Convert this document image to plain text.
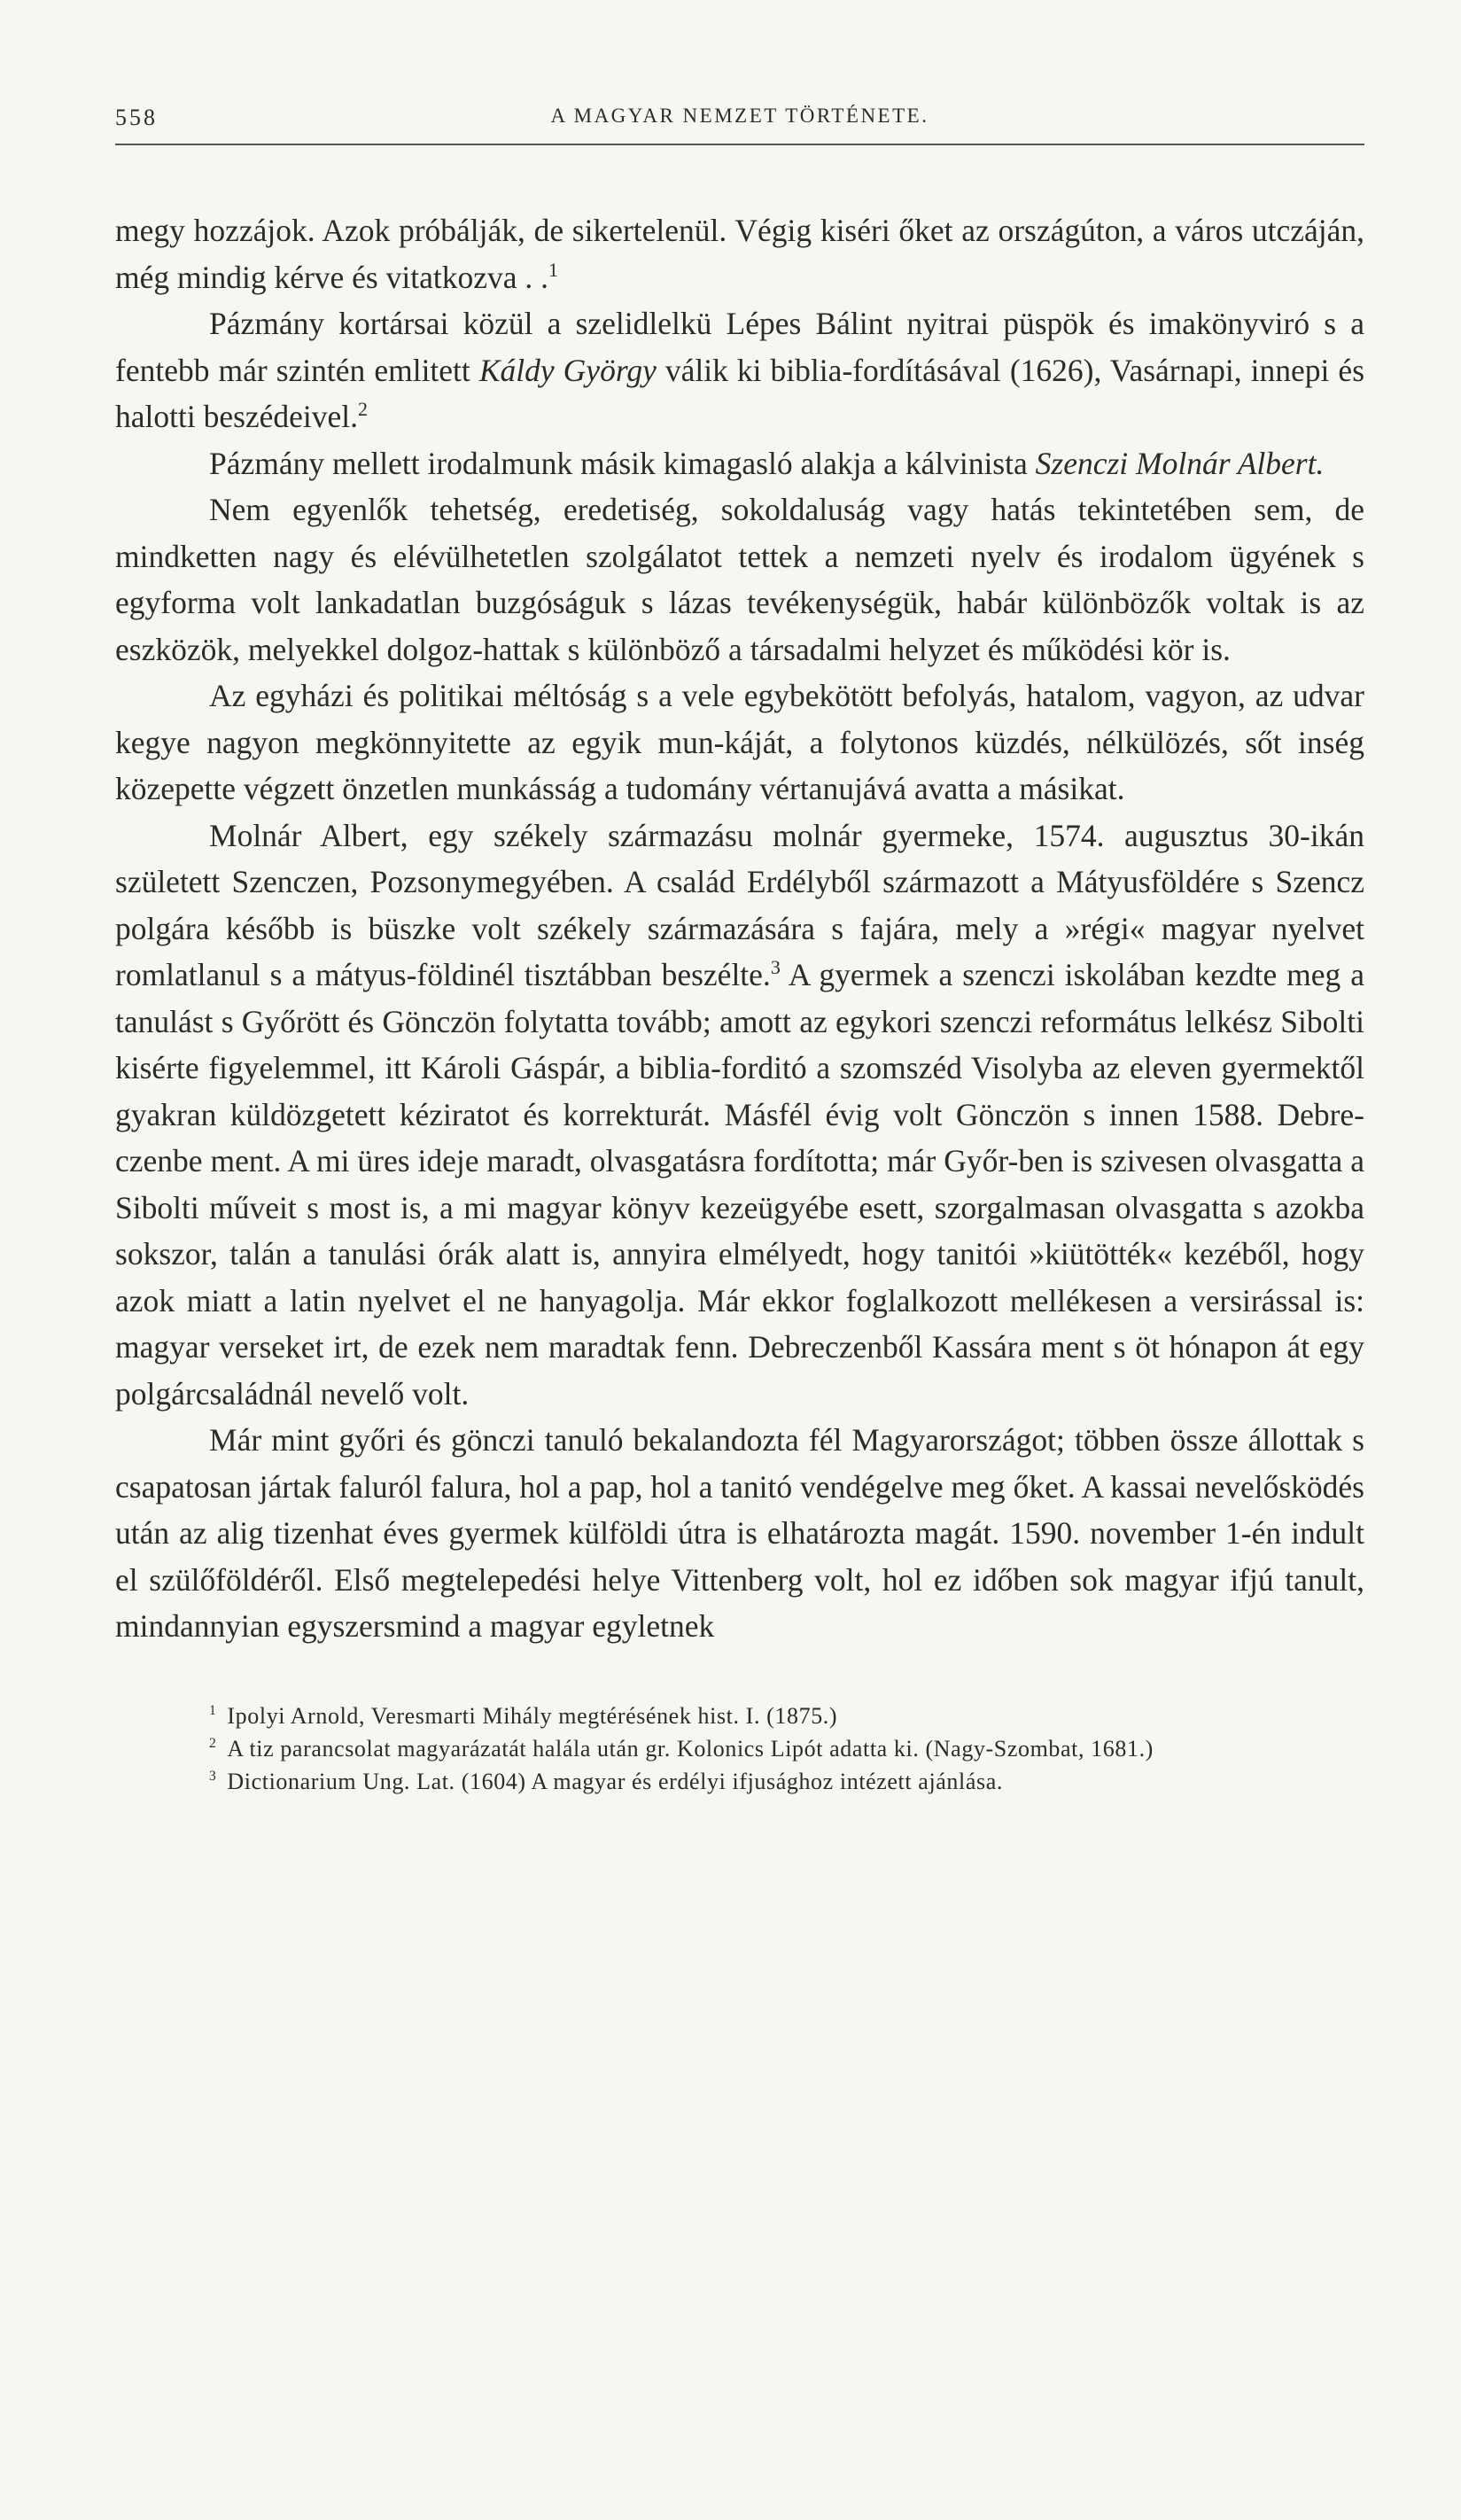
558	A MAGYAR NEMZET TÖRTÉNETE.

megy hozzájok. Azok próbálják, de sikertelenül. Végig kiséri őket az országúton, a város utczáján, még mindig kérve és vitatkozva . .$^1$

Pázmány kortársai közül a szelidlelkü Lépes Bálint nyitrai püspök és imakönyviró s a fentebb már szintén emlitett Káldy György válik ki biblia-fordításával (1626), Vasárnapi, innepi és halotti beszédeivel.$^2$

Pázmány mellett irodalmunk másik kimagasló alakja a kálvinista Szenczi Molnár Albert.

Nem egyenlők tehetség, eredetiség, sokoldaluság vagy hatás tekintetében sem, de mindketten nagy és elévülhetetlen szolgálatot tettek a nemzeti nyelv és irodalom ügyének s egyforma volt lankadatlan buzgóságuk s lázas tevékenységük, habár különbözők voltak is az eszközök, melyekkel dolgoz-hattak s különböző a társadalmi helyzet és működési kör is.

Az egyházi és politikai méltóság s a vele egybekötött befolyás, hatalom, vagyon, az udvar kegye nagyon megkönnyitette az egyik mun-káját, a folytonos küzdés, nélkülözés, sőt inség közepette végzett önzetlen munkásság a tudomány vértanujává avatta a másikat.

Molnár Albert, egy székely származásu molnár gyermeke, 1574. augusztus 30-ikán született Szenczen, Pozsonymegyében. A család Erdélyből származott a Mátyusföldére s Szencz polgára később is büszke volt székely származására s fajára, mely a »régi« magyar nyelvet romlatlanul s a mátyus-földinél tisztábban beszélte.$^3$ A gyermek a szenczi iskolában kezdte meg a tanulást s Győrött és Gönczön folytatta tovább; amott az egykori szenczi református lelkész Sibolti kisérte figyelemmel, itt Károli Gáspár, a biblia-forditó a szomszéd Visolyba az eleven gyermektől gyakran küldözgetett kéziratot és korrekturát. Másfél évig volt Gönczön s innen 1588. Debre-czenbe ment. A mi üres ideje maradt, olvasgatásra fordította; már Győr-ben is szivesen olvasgatta a Sibolti műveit s most is, a mi magyar könyv kezeügyébe esett, szorgalmasan olvasgatta s azokba sokszor, talán a tanulási órák alatt is, annyira elmélyedt, hogy tanitói »kiütötték« kezéből, hogy azok miatt a latin nyelvet el ne hanyagolja. Már ekkor foglalkozott mellékesen a versirással is: magyar verseket irt, de ezek nem maradtak fenn. Debreczenből Kassára ment s öt hónapon át egy polgárcsaládnál nevelő volt.

Már mint győri és gönczi tanuló bekalandozta fél Magyarországot; többen össze állottak s csapatosan jártak faluról falura, hol a pap, hol a tanitó vendégelve meg őket. A kassai nevelősködés után az alig tizenhat éves gyermek külföldi útra is elhatározta magát. 1590. november 1-én indult el szülőföldéről. Első megtelepedési helye Vittenberg volt, hol ez időben sok magyar ifjú tanult, mindannyian egyszersmind a magyar egyletnek

$^1$ Ipolyi Arnold, Veresmarti Mihály megtérésének hist. I. (1875.)

$^2$ A tiz parancsolat magyarázatát halála után gr. Kolonics Lipót adatta ki. (Nagy-Szombat, 1681.)

$^3$ Dictionarium Ung. Lat. (1604) A magyar és erdélyi ifjusághoz intézett ajánlása.
